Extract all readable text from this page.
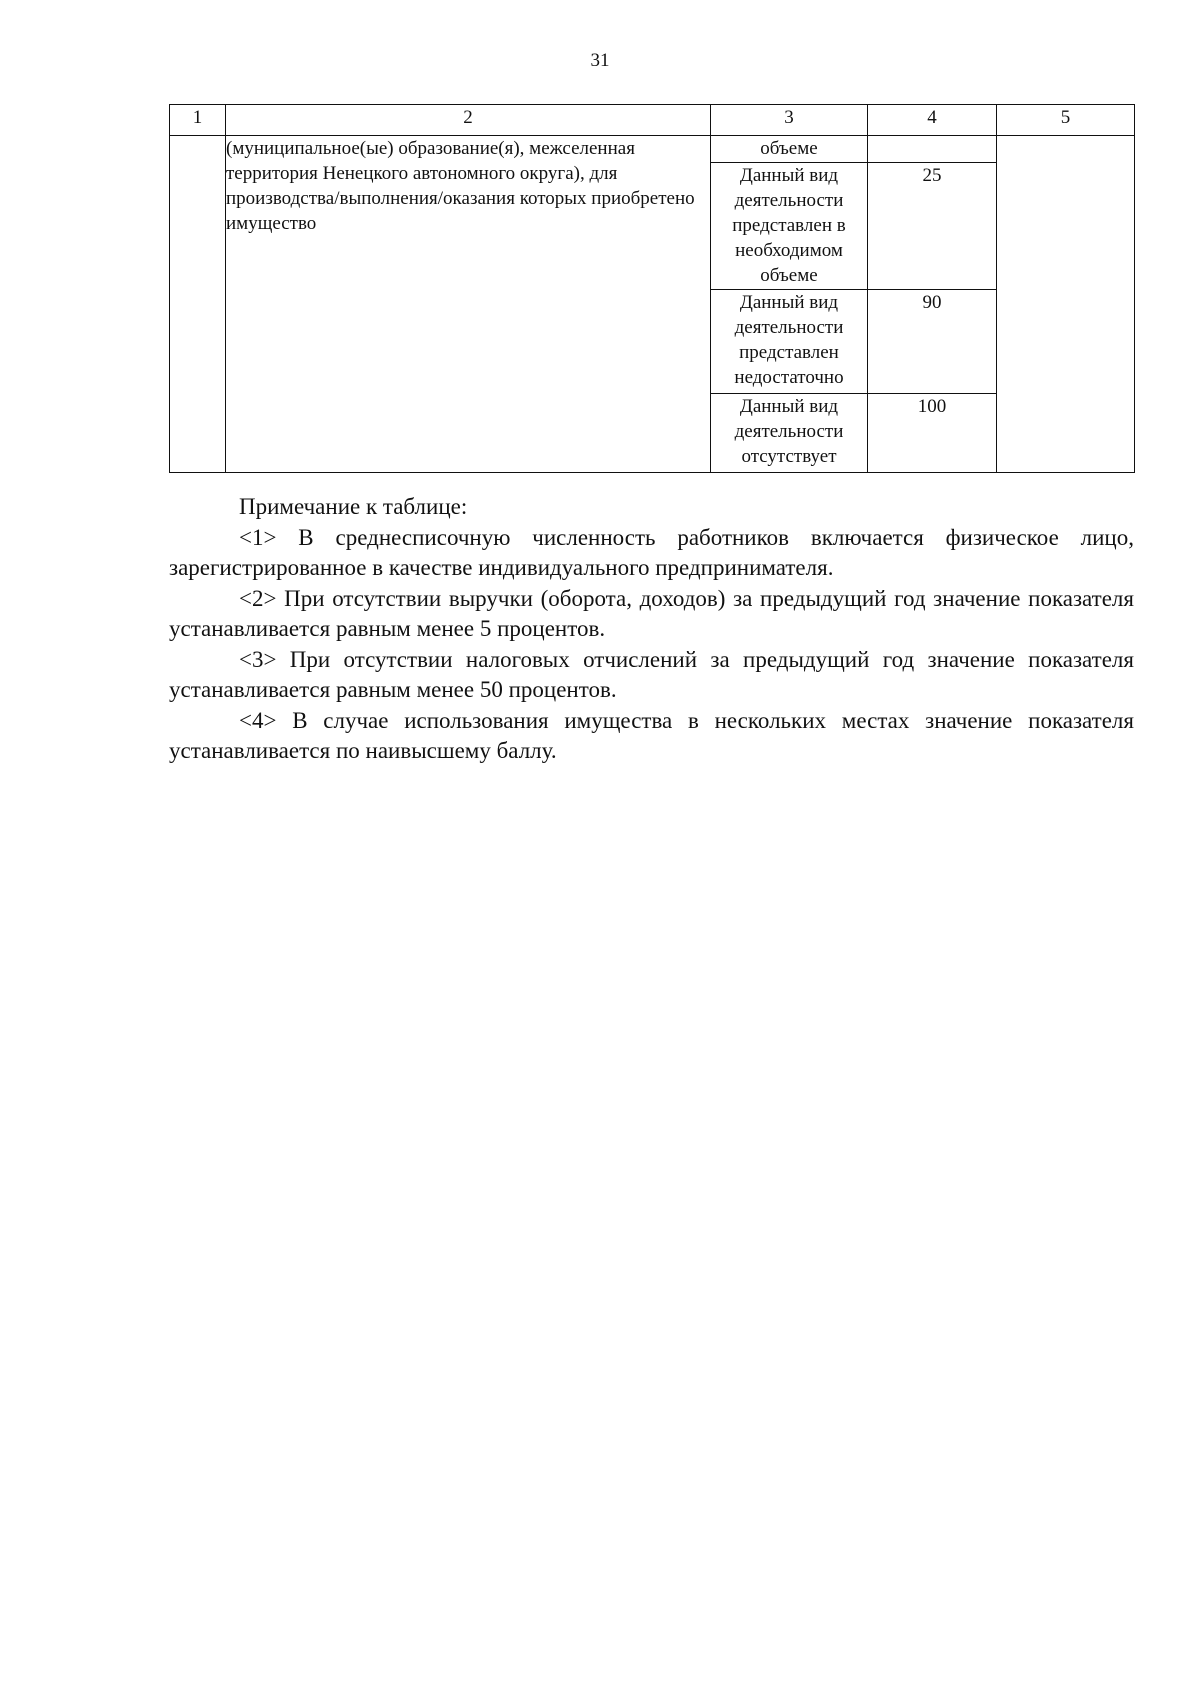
31
1	2	3	4	5
	(муниципальное(ые) образование(я), межселенная территория Ненецкого автономного округа), для производства/выполнения/оказания которых приобретено имущество	объеме		
		Данный вид деятельности представлен в необходимом объеме	25	
		Данный вид деятельности представлен недостаточно	90	
		Данный вид деятельности отсутствует	100	

Примечание к таблице:

<1> В среднесписочную численность работников включается физическое лицо, зарегистрированное в качестве индивидуального предпринимателя.

<2> При отсутствии выручки (оборота, доходов) за предыдущий год значение показателя устанавливается равным менее 5 процентов.

<3> При отсутствии налоговых отчислений за предыдущий год значение показателя устанавливается равным менее 50 процентов.

<4> В случае использования имущества в нескольких местах значение показателя устанавливается по наивысшему баллу.
